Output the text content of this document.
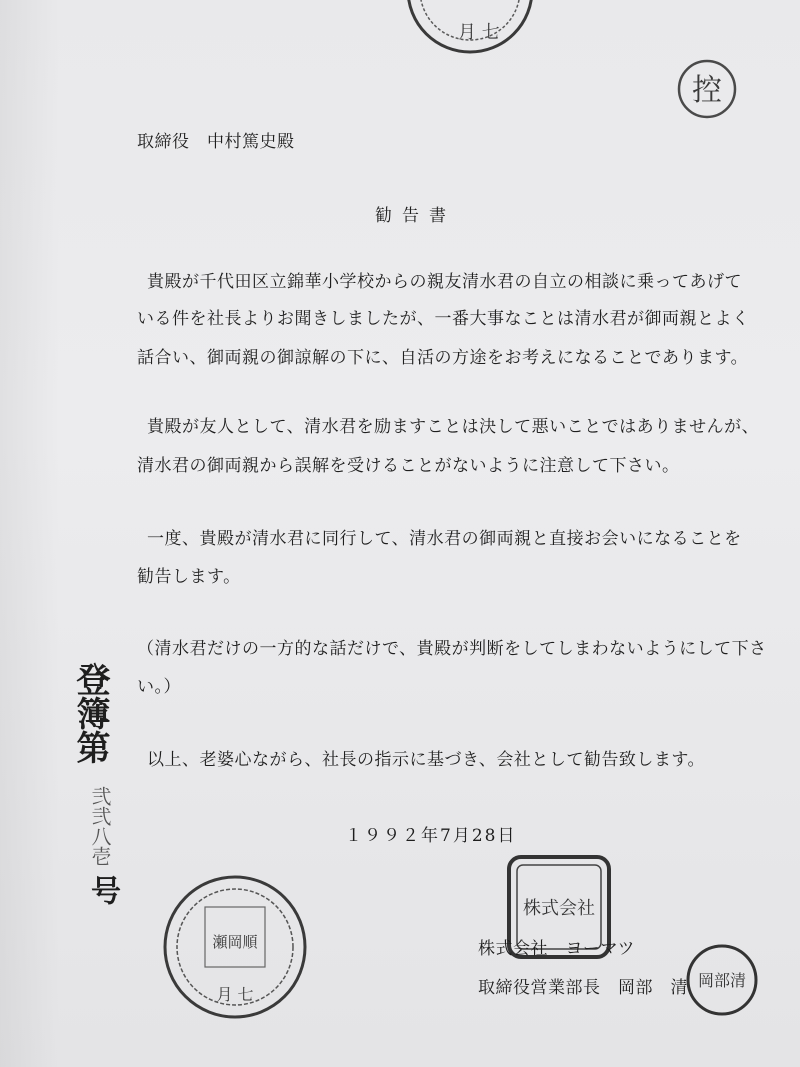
月 七
控
取締役　中村篤史殿
勧告書
貴殿が千代田区立錦華小学校からの親友清水君の自立の相談に乗ってあげて
いる件を社長よりお聞きしましたが、一番大事なことは清水君が御両親とよく
話合い、御両親の御諒解の下に、自活の方途をお考えになることであります。
貴殿が友人として、清水君を励ますことは決して悪いことではありませんが、
清水君の御両親から誤解を受けることがないように注意して下さい。
一度、貴殿が清水君に同行して、清水君の御両親と直接お会いになることを
勧告します。
（清水君だけの一方的な話だけで、貴殿が判断をしてしまわないようにして下さ
い。）
以上、老婆心ながら、社長の指示に基づき、会社として勧告致します。
１９９２年7月28日
登簿第
弐弐八壱
号
瀬岡順
月 七
株式会社
株式会社　ヨーマツ
取締役営業部長　岡部　清 岡部清
